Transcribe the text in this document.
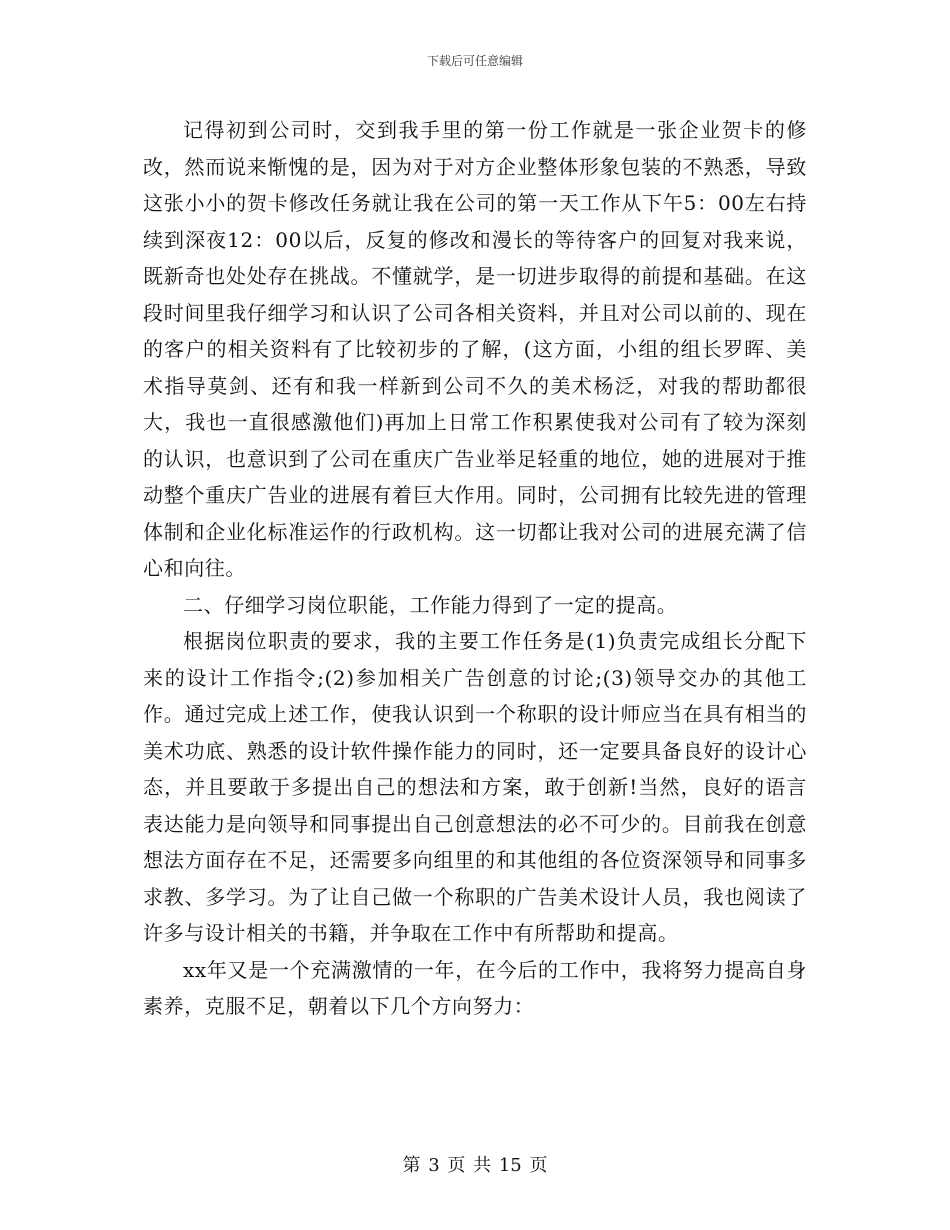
下载后可任意编辑

记得初到公司时，交到我手里的第一份工作就是一张企业贺卡的修改，然而说来惭愧的是，因为对于对方企业整体形象包装的不熟悉，导致这张小小的贺卡修改任务就让我在公司的第一天工作从下午5：00左右持续到深夜12：00以后，反复的修改和漫长的等待客户的回复对我来说，既新奇也处处存在挑战。不懂就学，是一切进步取得的前提和基础。在这段时间里我仔细学习和认识了公司各相关资料，并且对公司以前的、现在的客户的相关资料有了比较初步的了解，(这方面，小组的组长罗晖、美术指导莫剑、还有和我一样新到公司不久的美术杨泛，对我的帮助都很大，我也一直很感激他们)再加上日常工作积累使我对公司有了较为深刻的认识，也意识到了公司在重庆广告业举足轻重的地位，她的进展对于推动整个重庆广告业的进展有着巨大作用。同时，公司拥有比较先进的管理体制和企业化标准运作的行政机构。这一切都让我对公司的进展充满了信心和向往。

二、仔细学习岗位职能，工作能力得到了一定的提高。

根据岗位职责的要求，我的主要工作任务是(1)负责完成组长分配下来的设计工作指令;(2)参加相关广告创意的讨论;(3)领导交办的其他工作。通过完成上述工作，使我认识到一个称职的设计师应当在具有相当的美术功底、熟悉的设计软件操作能力的同时，还一定要具备良好的设计心态，并且要敢于多提出自己的想法和方案，敢于创新!当然，良好的语言表达能力是向领导和同事提出自己创意想法的必不可少的。目前我在创意想法方面存在不足，还需要多向组里的和其他组的各位资深领导和同事多求教、多学习。为了让自己做一个称职的广告美术设计人员，我也阅读了许多与设计相关的书籍，并争取在工作中有所帮助和提高。

xx年又是一个充满激情的一年，在今后的工作中，我将努力提高自身素养，克服不足，朝着以下几个方向努力：

第 3 页 共 15 页
